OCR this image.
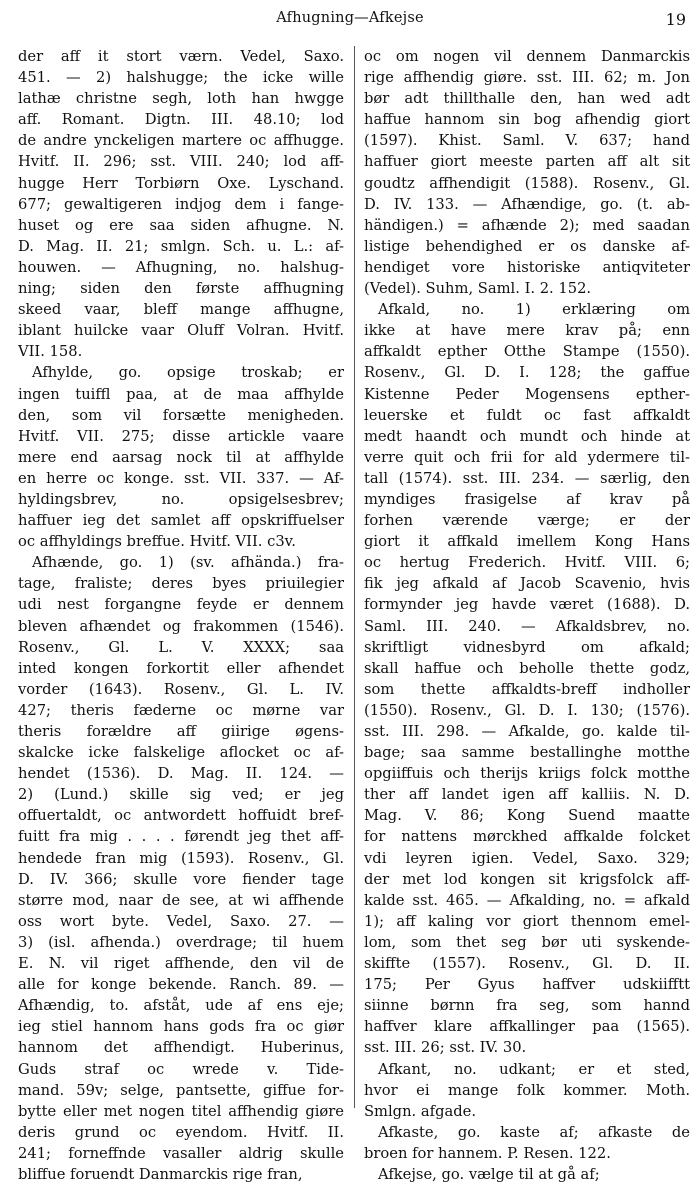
Afhugning—Afkejse	19
der aff it stort værn. Vedel, Saxo.
451. — 2) halshugge; the icke wille
lathæ christne segh, loth han hwgge
aff. Romant. Digtn. III. 48.10; lod
de andre ynckeligen martere oc affhugge.
Hvitf. II. 296; sst. VIII. 240; lod aff-
hugge Herr Torbiørn Oxe. Lyschand.
677; gewaltigeren indjog dem i fange-
huset og ere saa siden afhugne. N.
D. Mag. II. 21; smlgn. Sch. u. L.: af-
houwen. — Afhugning, no. halshug-
ning; siden den første affhugning
skeed vaar, bleff mange affhugne,
iblant huilcke vaar Oluff Volran. Hvitf.
VII. 158.
Afhylde, go. opsige troskab; er
ingen tuiffl paa, at de maa affhylde
den, som vil forsætte menigheden.
Hvitf. VII. 275; disse artickle vaare
mere end aarsag nock til at affhylde
en herre oc konge. sst. VII. 337. — Af-
hyldingsbrev, no. opsigelsesbrev;
haffuer ieg det samlet aff opskriffuelser
oc affhyldings breffue. Hvitf. VII. c3v.
Afhænde, go. 1) (sv. afhända.) fra-
tage, fraliste; deres byes priuilegier
udi nest forgangne feyde er dennem
bleven afhændet og frakommen (1546).
Rosenv., Gl. L. V. XXXX; saa
inted kongen forkortit eller afhendet
vorder (1643). Rosenv., Gl. L. IV.
427; theris fæderne oc mørne var
theris forældre aff giirige øgens-
skalcke icke falskelige aflocket oc af-
hendet (1536). D. Mag. II. 124. —
2) (Lund.) skille sig ved; er jeg
offuertaldt, oc antwordett hoffuidt bref-
fuitt fra mig . . . . førendt jeg thet aff-
hendede fran mig (1593). Rosenv., Gl.
D. IV. 366; skulle vore fiender tage
større mod, naar de see, at wi affhende
oss wort byte. Vedel, Saxo. 27. —
3) (isl. afhenda.) overdrage; til huem
E. N. vil riget affhende, den vil de
alle for konge bekende. Ranch. 89. —
Afhændig, to. afståt, ude af ens eje;
ieg stiel hannom hans gods fra oc giør
hannom det affhendigt. Huberinus,
Guds straf oc wrede v. Tide-
mand. 59v; selge, pantsette, giffue for-
bytte eller met nogen titel affhendig giøre
deris grund oc eyendom. Hvitf. II.
241; forneffnde vasaller aldrig skulle
bliffue foruendt Danmarckis rige fran,
oc om nogen vil dennem Danmarckis
rige affhendig giøre. sst. III. 62; m. Jon
bør adt thillthalle den, han wed adt
haffue hannom sin bog afhendig giort
(1597). Khist. Saml. V. 637; hand
haffuer giort meeste parten aff alt sit
goudtz affhendigit (1588). Rosenv., Gl.
D. IV. 133. — Afhændige, go. (t. ab-
händigen.) = afhænde 2); med saadan
listige behendighed er os danske af-
hendiget vore historiske antiqviteter
(Vedel). Suhm, Saml. I. 2. 152.
Afkald, no. 1) erklæring om
ikke at have mere krav på; enn
affkaldt epther Otthe Stampe (1550).
Rosenv., Gl. D. I. 128; the gaffue
Kistenne Peder Mogensens epther-
leuerske et fuldt oc fast affkaldt
medt haandt och mundt och hinde at
verre quit och frii for ald ydermere til-
tall (1574). sst. III. 234. — særlig, den
myndiges frasigelse af krav på
forhen værende værge; er der
giort it affkald imellem Kong Hans
oc hertug Frederich. Hvitf. VIII. 6;
fik jeg afkald af Jacob Scavenio, hvis
formynder jeg havde været (1688). D.
Saml. III. 240. — Afkaldsbrev, no.
skriftligt vidnesbyrd om afkald;
skall haffue och beholle thette godz,
som thette affkaldts-breff indholler
(1550). Rosenv., Gl. D. I. 130; (1576).
sst. III. 298. — Afkalde, go. kalde til-
bage; saa samme bestallinghe motthe
opgiiffuis och therijs kriigs folck motthe
ther aff landet igen aff kalliis. N. D.
Mag. V. 86; Kong Suend maatte
for nattens mørckhed affkalde folcket
vdi leyren igien. Vedel, Saxo. 329;
der met lod kongen sit krigsfolck aff-
kalde sst. 465. — Afkalding, no. = afkald
1); aff kaling vor giort thennom emel-
lom, som thet seg bør uti syskende-
skiffte (1557). Rosenv., Gl. D. II.
175; Per Gyus haffver udskiifftt
siinne børnn fra seg, som hannd
haffver klare affkallinger paa (1565).
sst. III. 26; sst. IV. 30.
Afkant, no. udkant; er et sted,
hvor ei mange folk kommer. Moth.
Smlgn. afgade.
Afkaste, go. kaste af; afkaste de
broen for hannem. P. Resen. 122.
Afkejse, go. vælge til at gå af;
